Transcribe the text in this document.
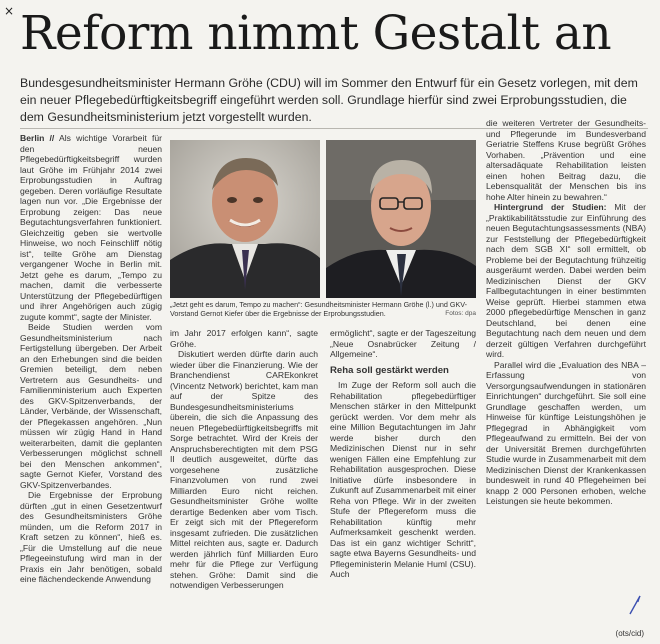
× Reform nimmt Gestalt an

Bundesgesundheitsminister Hermann Gröhe (CDU) will im Sommer den Entwurf für ein Gesetz vorlegen, mit dem ein neuer Pflegebedürftigkeitsbegriff eingeführt werden soll. Grundlage hierfür sind zwei Erprobungsstudien, die dem Gesundheitsministerium jetzt vorgestellt wurden.

Berlin // Als wichtige Vorarbeit für den neuen Pflegebedürftigkeitsbegriff wurden laut Gröhe im Frühjahr 2014 zwei Erprobungsstudien in Auftrag gegeben. Deren vorläufige Resultate lagen nun vor. „Die Ergebnisse der Erprobung zeigen: Das neue Begutachtungsverfahren funktioniert. Gleichzeitig geben sie wertvolle Hinweise, wo noch Feinschliff nötig ist“, teilte Gröhe am Dienstag vergangener Woche in Berlin mit. Jetzt gehe es darum, „Tempo zu machen, damit die verbesserte Unterstützung der Pflegebedürftigen und ihrer Angehörigen auch zügig zugute kommt“, sagte der Minister.

Beide Studien werden vom Gesundheitsministerium nach Fertigstellung übergeben. Der Arbeit an den Erhebungen sind die beiden Gremien beteiligt, dem neben Vertretern aus Gesundheits- und Familienministerium auch Experten des GKV-Spitzenverbands, der Länder, Verbände, der Wissenschaft, der Pflegekassen angehören. „Nun müssen wir zügig Hand in Hand weiterarbeiten, damit die geplanten Verbesserungen möglichst schnell bei den Menschen ankommen“, sagte Gernot Kiefer, Vorstand des GKV-Spitzenverbandes.

Die Ergebnisse der Erprobung dürften „gut in einen Gesetzentwurf des Gesundheitsministers Gröhe münden, um die Reform 2017 in Kraft setzen zu können“, hieß es. „Für die Umstellung auf die neue Pflegeeinstufung wird man in der Praxis ein Jahr benötigen, sobald eine flächendeckende Anwendung

„Jetzt geht es darum, Tempo zu machen“: Gesundheitsminister Hermann Gröhe (l.) und GKV-Vorstand Gernot Kiefer über die Ergebnisse der Erprobungsstudien.	Fotos: dpa

im Jahr 2017 erfolgen kann“, sagte Gröhe.

Diskutiert werden dürfte darin auch wieder über die Finanzierung. Wie der Branchendienst CAREkonkret (Vincentz Network) berichtet, kam man auf der Spitze des Bundesgesundheitsministeriums überein, die sich die Anpassung des neuen Pflegebedürftigkeitsbegriffs mit Sorge betrachtet. Wird der Kreis der Anspruchsberechtigten mit dem PSG II deutlich ausgeweitet, dürfte das vorgesehene zusätzliche Finanzvolumen von rund zwei Milliarden Euro nicht reichen. Gesundheitsminister Gröhe wollte derartige Bedenken aber vom Tisch. Er zeigt sich mit der Pflegereform insgesamt zufrieden. Die zusätzlichen Mittel reichten aus, sagte er. Dadurch werden jährlich fünf Milliarden Euro mehr für die Pflege zur Verfügung stehen. Gröhe: Damit sind die notwendigen Verbesserungen

ermöglicht“, sagte er der Tageszeitung „Neue Osnabrücker Zeitung / Allgemeine“.

Reha soll gestärkt werden

Im Zuge der Reform soll auch die Rehabilitation pflegebedürftiger Menschen stärker in den Mittelpunkt gerückt werden. Vor dem mehr als eine Million Begutachtungen im Jahr werde bisher durch den Medizinischen Dienst nur in sehr wenigen Fällen eine Empfehlung zur Rehabilitation ausgesprochen. Diese Initiative dürfe insbesondere in Zukunft auf Zusammenarbeit mit einer Reha von Pflege. Wir in der zweiten Stufe der Pflegereform muss die Rehabilitation künftig mehr Aufmerksamkeit geschenkt werden. Das ist ein ganz wichtiger Schritt“, sagte etwa Bayerns Gesundheits- und Pflegeministerin Melanie Huml (CSU). Auch

die weiteren Vertreter der Gesundheits- und Pflegerunde im Bundesverband Geriatrie Steffens Kruse begrüßt Gröhes Vorhaben. „Prävention und eine altersadäquate Rehabilitation leisten einen hohen Beitrag dazu, die Lebensqualität der Menschen bis ins hohe Alter hinein zu bewahren.“

Hintergrund der Studien: Mit der „Praktikabilitätsstudie zur Einführung des neuen Begutachtungsassessments (NBA) zur Feststellung der Pflegebedürftigkeit nach dem SGB XI“ soll ermittelt, ob Probleme bei der Begutachtung frühzeitig ausgeräumt werden. Dabei werden beim Medizinischen Dienst der GKV Fallbegutachtungen in einer bestimmten Weise geprüft. Hierbei stammen etwa 2000 pflegebedürftige Menschen in ganz Deutschland, bei denen eine Begutachtung nach dem neuen und dem derzeit gültigen Verfahren durchgeführt wird.

Parallel wird die „Evaluation des NBA – Erfassung von Versorgungsaufwendungen in stationären Einrichtungen“ durchgeführt. Sie soll eine Grundlage geschaffen werden, um Hinweise für künftige Leistungshöhen je Pflegegrad in Abhängigkeit vom Pflegeaufwand zu ermitteln. Bei der von der Universität Bremen durchgeführten Studie wurde in Zusammenarbeit mit dem Medizinischen Dienst der Krankenkassen bundesweit in rund 40 Pflegeheimen bei knapp 2 000 Personen erhoben, welche Leistungen sie heute bekommen.

(ots/cid)
